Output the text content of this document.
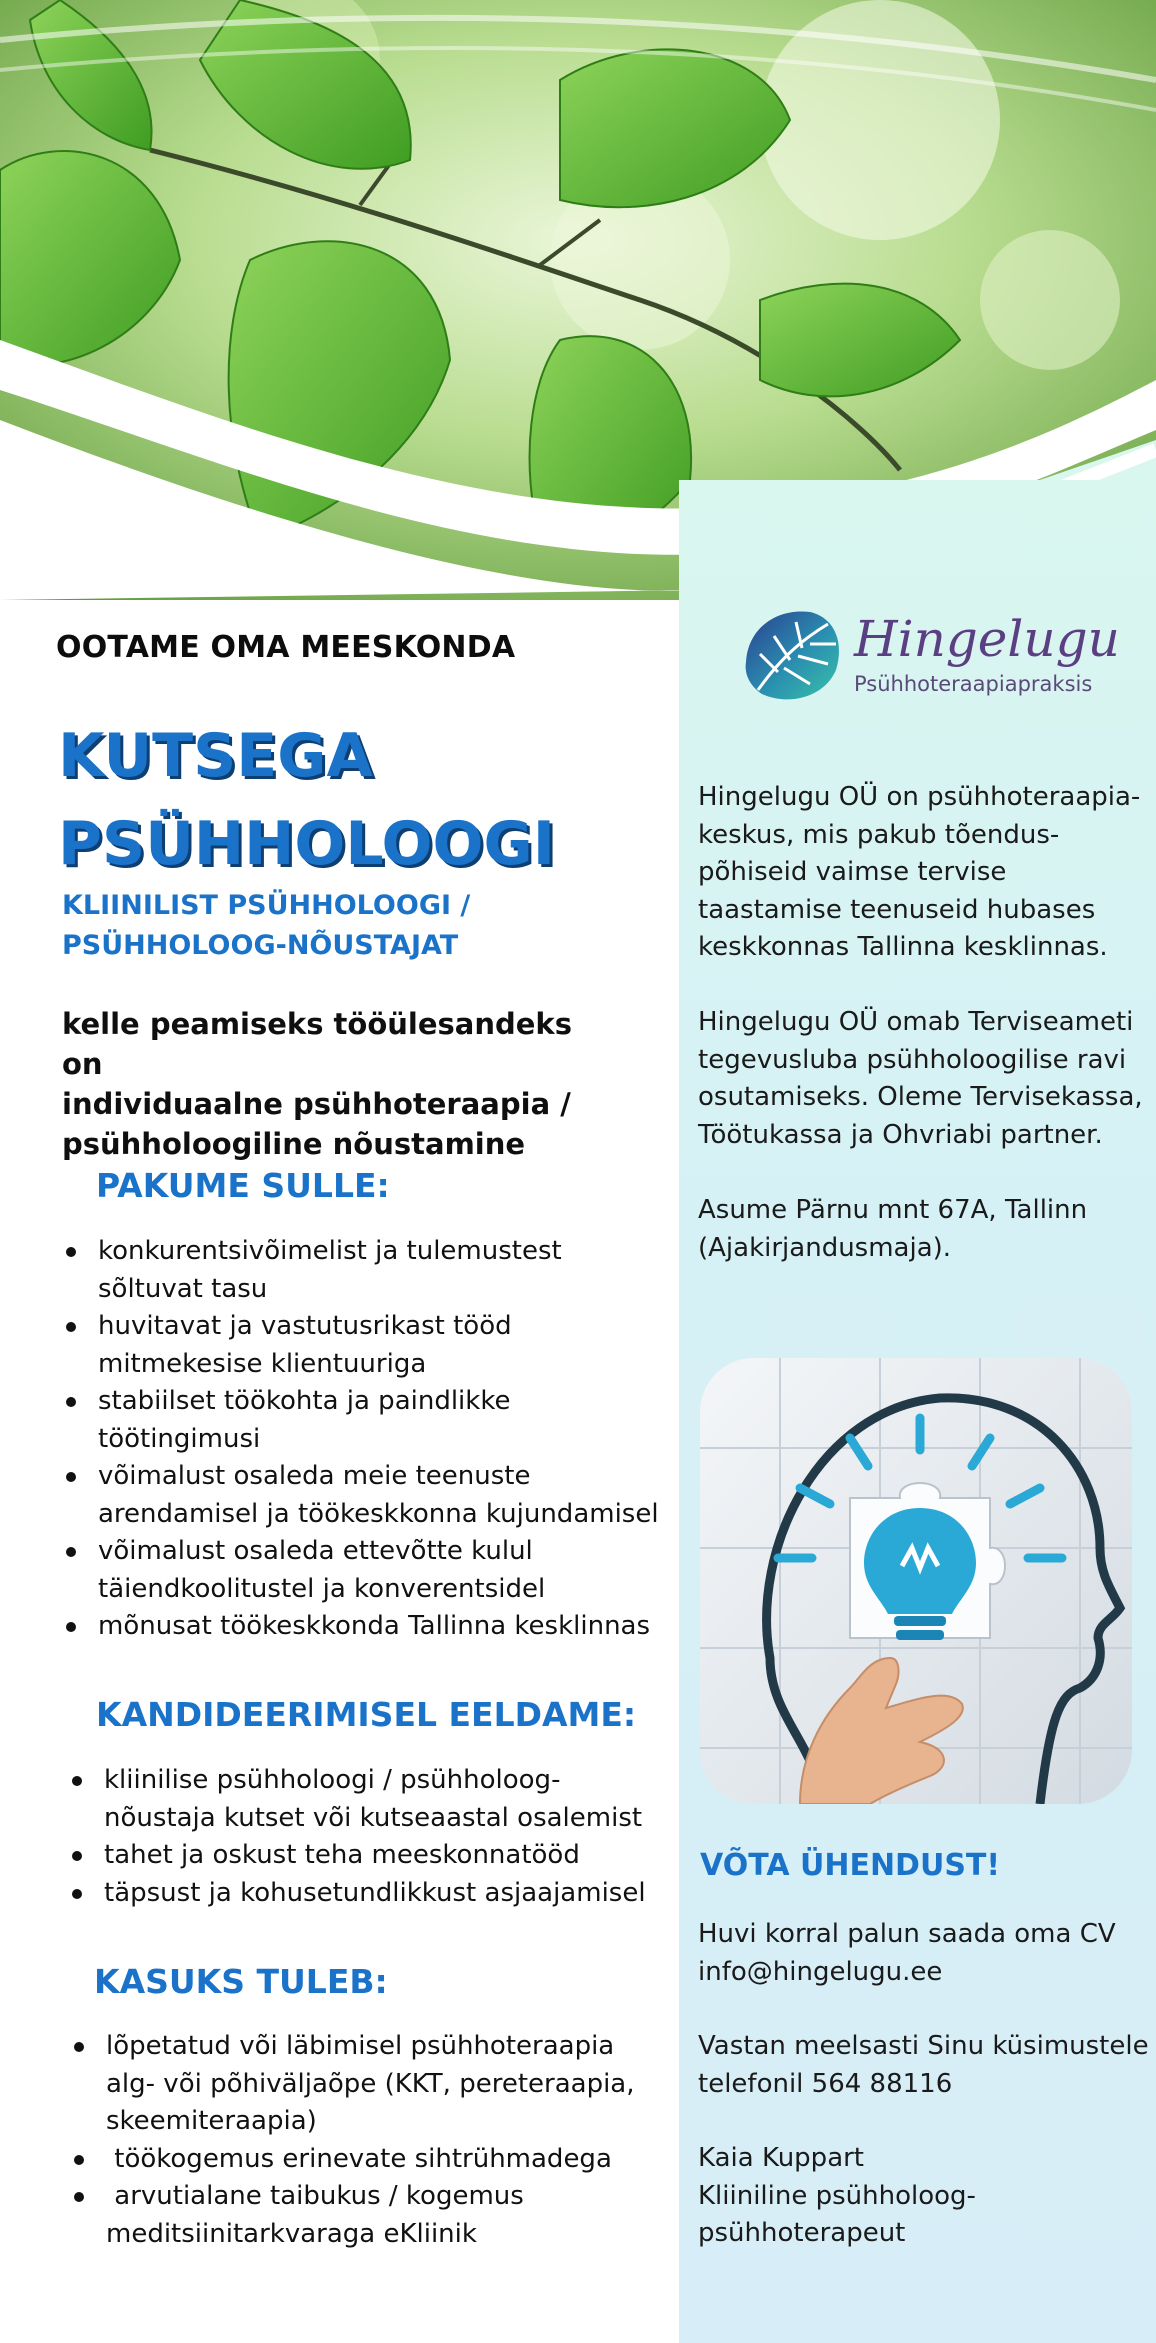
OOTAME OMA MEESKONDA
KUTSEGA
PSÜHHOLOOGI
KLIINILIST PSÜHHOLOOGI /
PSÜHHOLOOG-NÕUSTAJAT
kelle peamiseks tööülesandeks on
individuaalne psühhoteraapia /
psühholoogiline nõustamine
PAKUME SULLE:
konkurentsivõimelist ja tulemustest
sõltuvat tasu
huvitavat ja vastutusrikast tööd
mitmekesise klientuuriga
stabiilset töökohta ja paindlikke
töötingimusi
võimalust osaleda meie teenuste
arendamisel ja töökeskkonna kujundamisel
võimalust osaleda ettevõtte kulul
täiendkoolitustel ja konverentsidel
mõnusat töökeskkonda Tallinna kesklinnas
KANDIDEERIMISEL EELDAME:
kliinilise psühholoogi / psühholoog-
nõustaja kutset või kutseaastal osalemist
tahet ja oskust teha meeskonnatööd
täpsust ja kohusetundlikkust asjaajamisel
KASUKS TULEB:
lõpetatud või läbimisel psühhoteraapia
alg- või põhiväljaõpe (KKT, pereteraapia,
skeemiteraapia)
töökogemus erinevate sihtrühmadega
arvutialane taibukus / kogemus
meditsiinitarkvaraga eKliinik
Hingelugu
Psühhoteraapiapraksis
Hingelugu OÜ on psühhoteraapia-
keskus, mis pakub tõendus-
põhiseid vaimse tervise
taastamise teenuseid hubases
keskkonnas Tallinna kesklinnas.
Hingelugu OÜ omab Terviseameti
tegevusluba psühholoogilise ravi
osutamiseks. Oleme Tervisekassa,
Töötukassa ja Ohvriabi partner.
Asume Pärnu mnt 67A, Tallinn
(Ajakirjandusmaja).
VÕTA ÜHENDUST!
Huvi korral palun saada oma CV
info@hingelugu.ee
Vastan meelsasti Sinu küsimustele
telefonil 564 88116
Kaia Kuppart
Kliiniline psühholoog-
psühhoterapeut
